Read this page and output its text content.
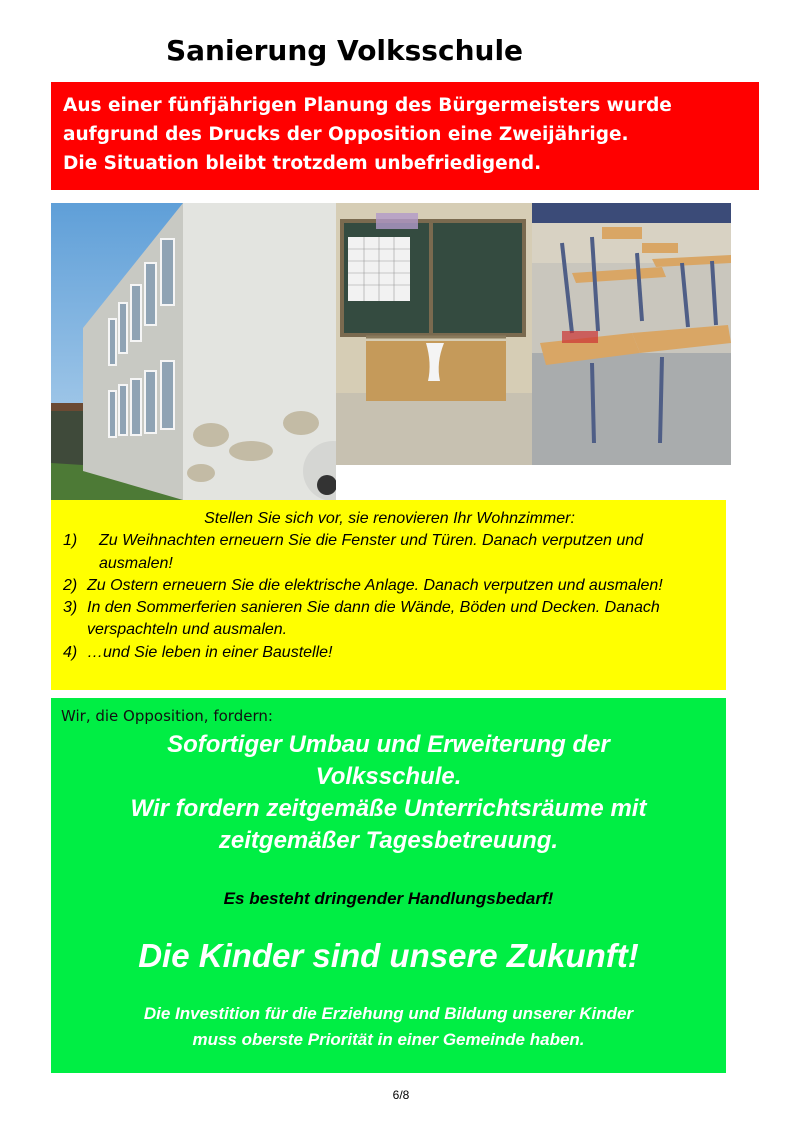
Sanierung Volksschule
Aus einer fünfjährigen Planung des Bürgermeisters wurde
aufgrund des Drucks der Opposition eine Zweijährige.
Die Situation bleibt trotzdem unbefriedigend.
Stellen Sie sich vor, sie renovieren Ihr Wohnzimmer:
1)	Zu Weihnachten erneuern Sie die Fenster und Türen. Danach verputzen und ausmalen!
2) Zu Ostern erneuern Sie die elektrische Anlage. Danach verputzen und ausmalen!
3) In den Sommerferien sanieren Sie dann die Wände, Böden und Decken. Danach verspachteln und ausmalen.
4) …und Sie leben in einer Baustelle!
Wir, die Opposition, fordern:
Sofortiger Umbau und Erweiterung der
Volksschule.
Wir fordern zeitgemäße Unterrichtsräume mit
zeitgemäßer Tagesbetreuung.
Es besteht dringender Handlungsbedarf!
Die Kinder sind unsere Zukunft!
Die Investition für die Erziehung und Bildung unserer Kinder
muss oberste Priorität in einer Gemeinde haben.
6/8
